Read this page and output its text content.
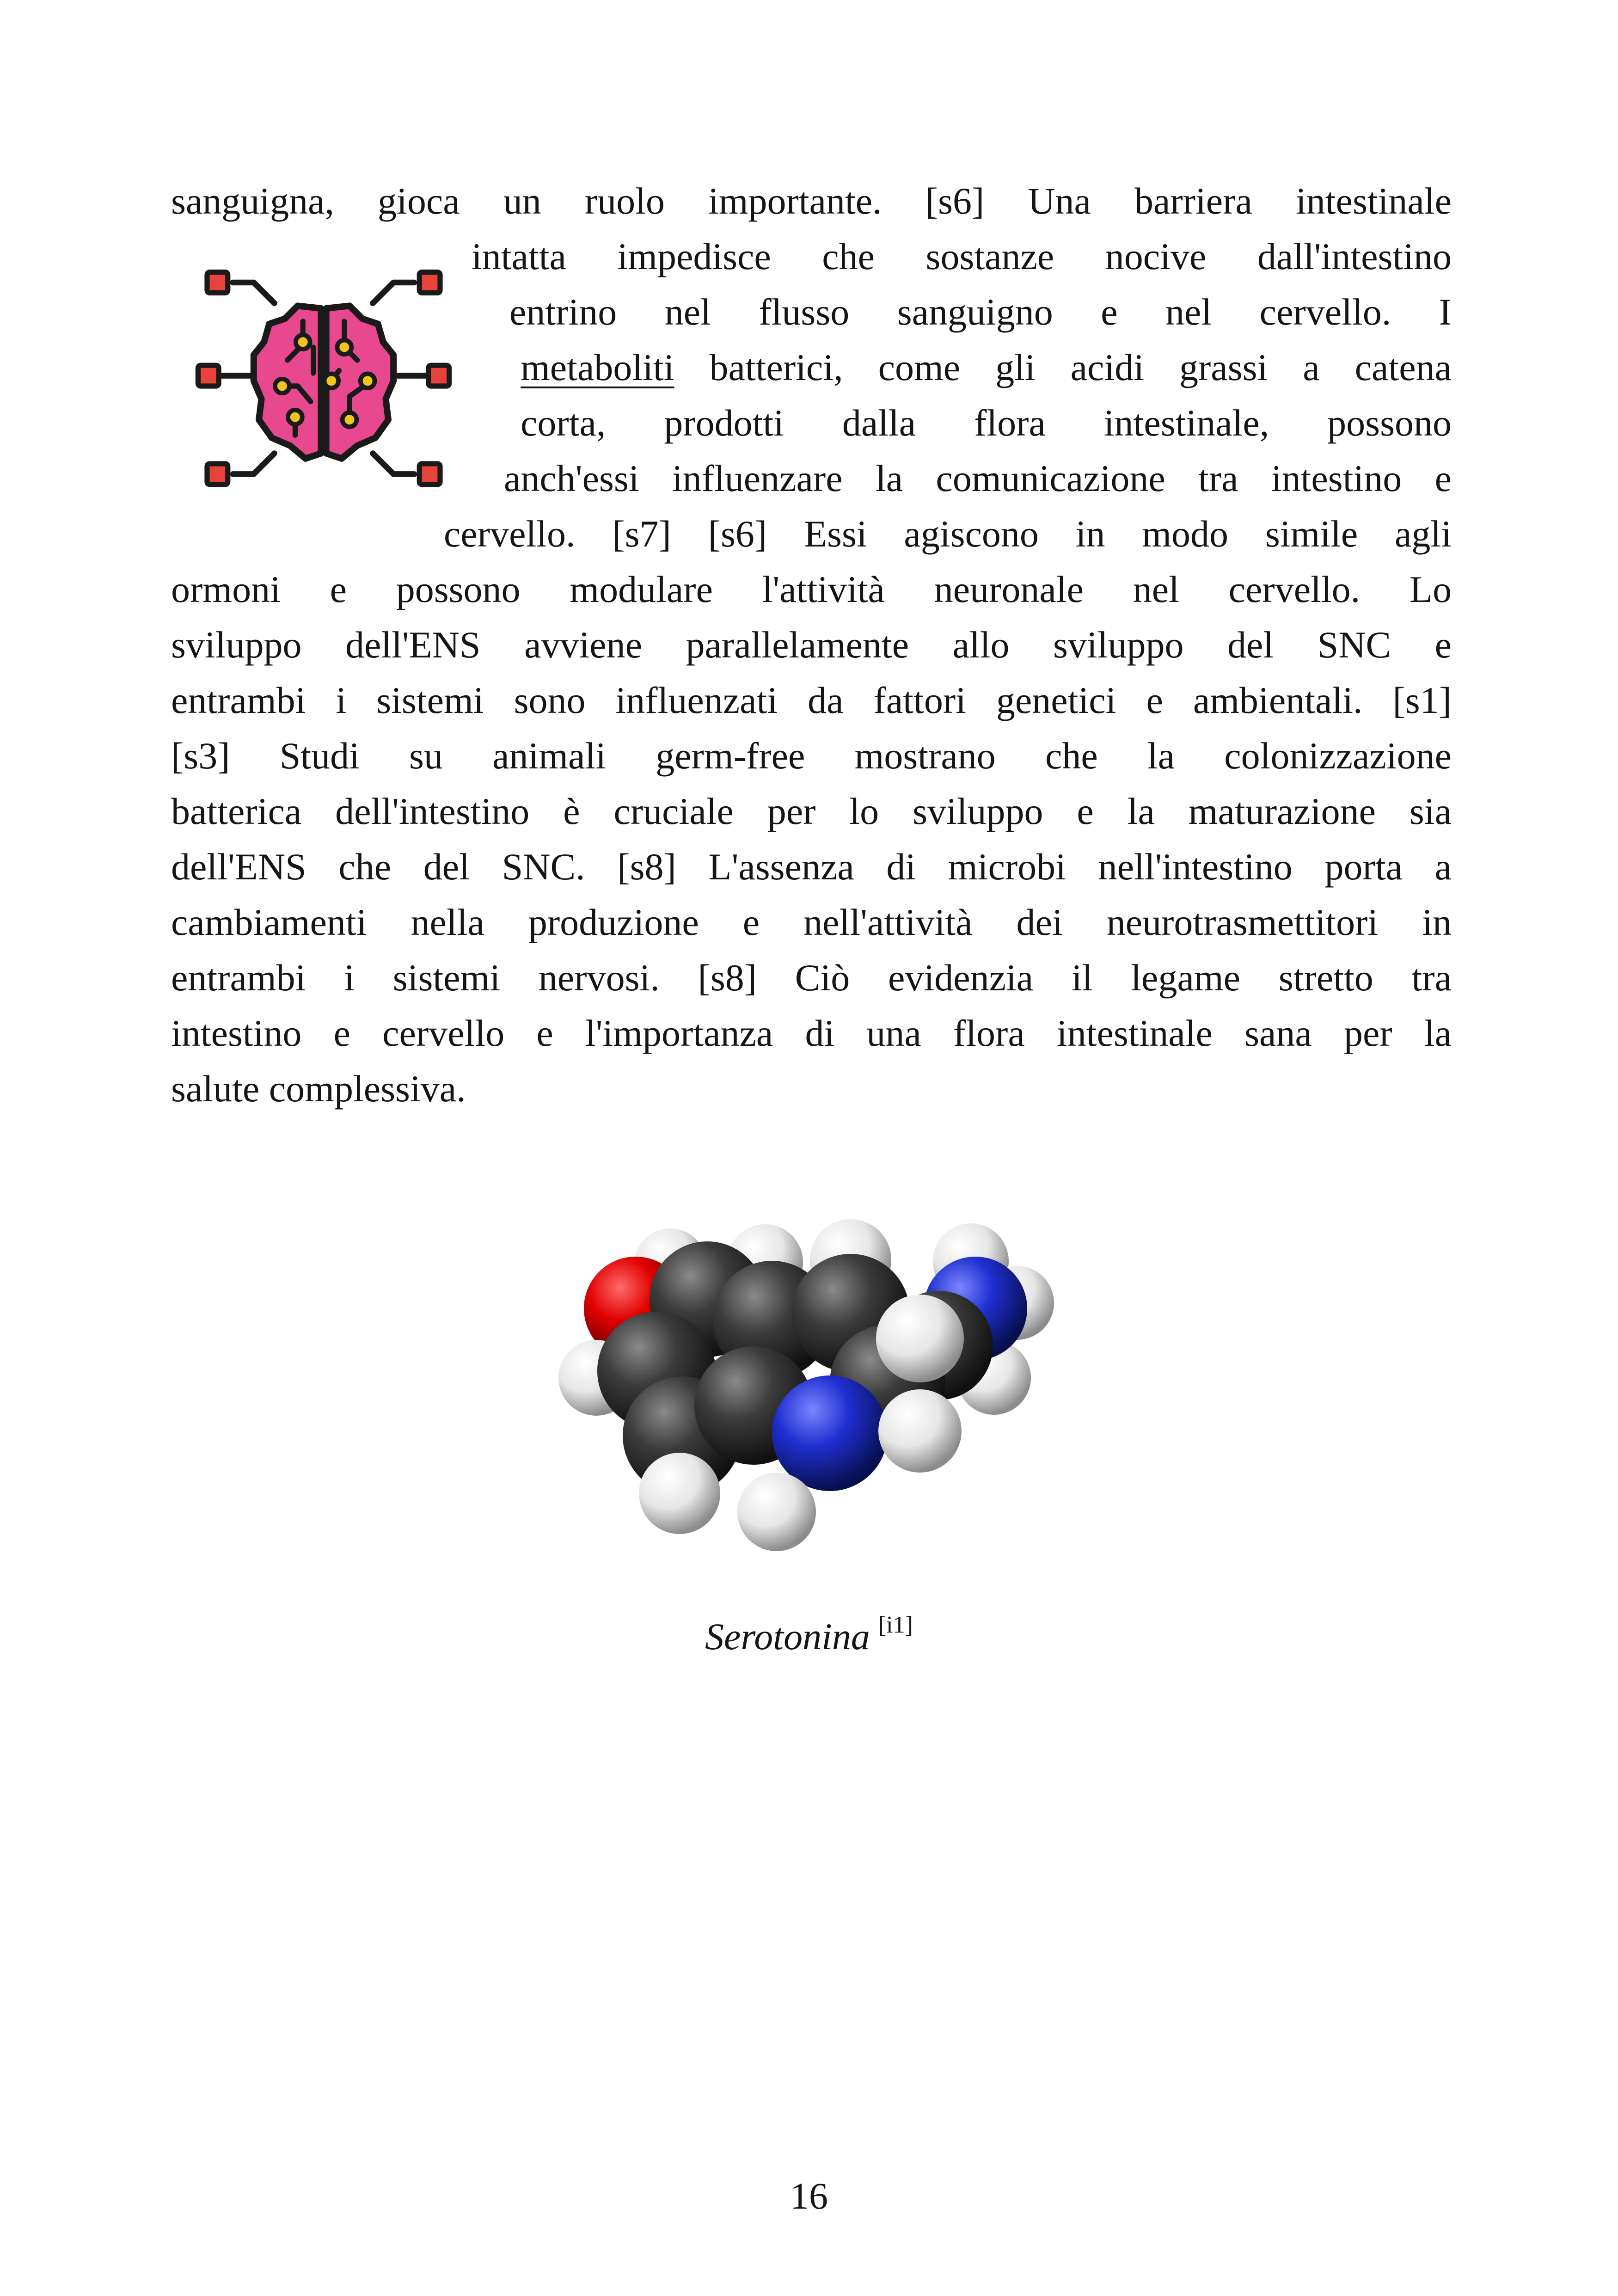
sanguigna, gioca un ruolo importante. [s6] Una barriera intestinale
intatta impedisce che sostanze nocive dall'intestino
entrino nel flusso sanguigno e nel cervello. I
metaboliti batterici, come gli acidi grassi a catena
corta, prodotti dalla flora intestinale, possono
anch'essi influenzare la comunicazione tra intestino e
cervello. [s7] [s6] Essi agiscono in modo simile agli
ormoni e possono modulare l'attività neuronale nel cervello. Lo
sviluppo dell'ENS avviene parallelamente allo sviluppo del SNC e
entrambi i sistemi sono influenzati da fattori genetici e ambientali. [s1]
[s3] Studi su animali germ-free mostrano che la colonizzazione
batterica dell'intestino è cruciale per lo sviluppo e la maturazione sia
dell'ENS che del SNC. [s8] L'assenza di microbi nell'intestino porta a
cambiamenti nella produzione e nell'attività dei neurotrasmettitori in
entrambi i sistemi nervosi. [s8] Ciò evidenzia il legame stretto tra
intestino e cervello e l'importanza di una flora intestinale sana per la
salute complessiva.
Serotonina [i1]
16
